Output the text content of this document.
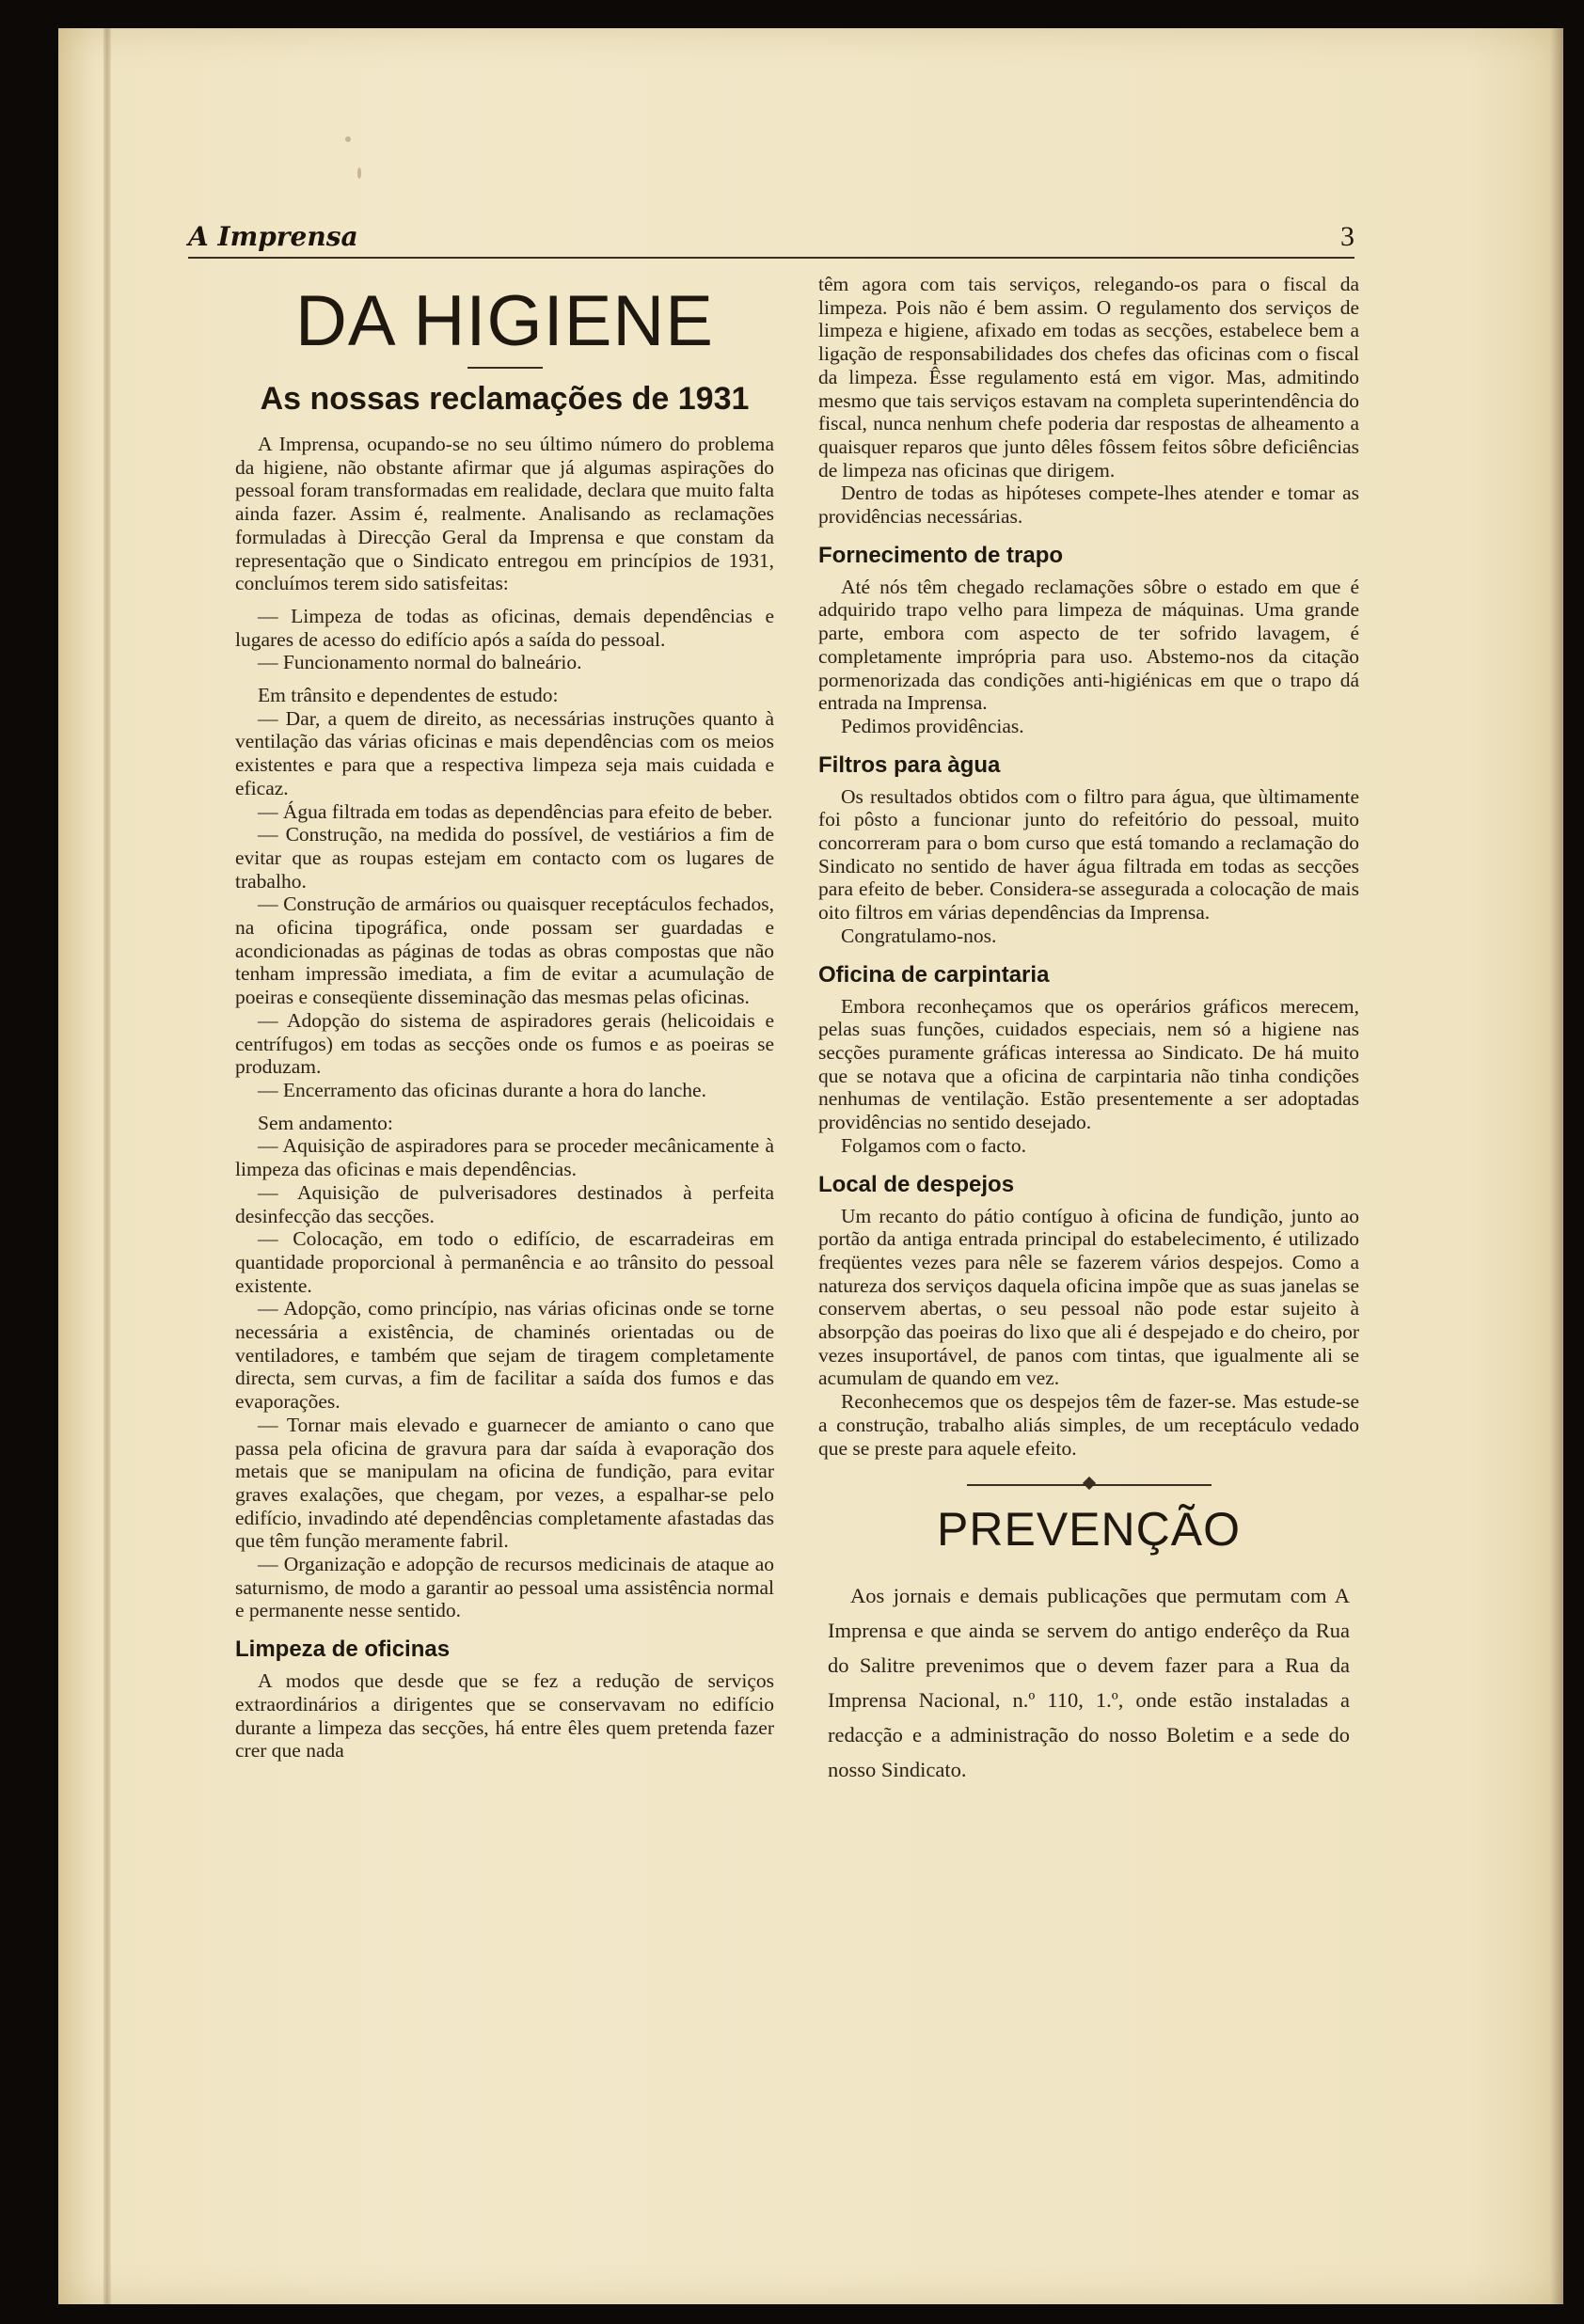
A Imprensa	3
DA HIGIENE
As nossas reclamações de 1931

A Imprensa, ocupando-se no seu último número do problema da higiene, não obstante afirmar que já algumas aspirações do pessoal foram transformadas em realidade, declara que muito falta ainda fazer. Assim é, realmente. Analisando as reclamações formuladas à Direcção Geral da Imprensa e que constam da representação que o Sindicato entregou em princípios de 1931, concluímos terem sido satisfeitas:

— Limpeza de todas as oficinas, demais dependências e lugares de acesso do edifício após a saída do pessoal.

— Funcionamento normal do balneário.

Em trânsito e dependentes de estudo:

— Dar, a quem de direito, as necessárias instruções quanto à ventilação das várias oficinas e mais dependências com os meios existentes e para que a respectiva limpeza seja mais cuidada e eficaz.

— Água filtrada em todas as dependências para efeito de beber.

— Construção, na medida do possível, de vestiários a fim de evitar que as roupas estejam em contacto com os lugares de trabalho.

— Construção de armários ou quaisquer receptáculos fechados, na oficina tipográfica, onde possam ser guardadas e acondicionadas as páginas de todas as obras compostas que não tenham impressão imediata, a fim de evitar a acumulação de poeiras e conseqüente disseminação das mesmas pelas oficinas.

— Adopção do sistema de aspiradores gerais (helicoidais e centrífugos) em todas as secções onde os fumos e as poeiras se produzam.

— Encerramento das oficinas durante a hora do lanche.

Sem andamento:

— Aquisição de aspiradores para se proceder mecânicamente à limpeza das oficinas e mais dependências.

— Aquisição de pulverisadores destinados à perfeita desinfecção das secções.

— Colocação, em todo o edifício, de escarradeiras em quantidade proporcional à permanência e ao trânsito do pessoal existente.

— Adopção, como princípio, nas várias oficinas onde se torne necessária a existência, de chaminés orientadas ou de ventiladores, e também que sejam de tiragem completamente directa, sem curvas, a fim de facilitar a saída dos fumos e das evaporações.

— Tornar mais elevado e guarnecer de amianto o cano que passa pela oficina de gravura para dar saída à evaporação dos metais que se manipulam na oficina de fundição, para evitar graves exalações, que chegam, por vezes, a espalhar-se pelo edifício, invadindo até dependências completamente afastadas das que têm função meramente fabril.

— Organização e adopção de recursos medicinais de ataque ao saturnismo, de modo a garantir ao pessoal uma assistência normal e permanente nesse sentido.

Limpeza de oficinas

A modos que desde que se fez a redução de serviços extraordinários a dirigentes que se conservavam no edifício durante a limpeza das secções, há entre êles quem pretenda fazer crer que nada

têm agora com tais serviços, relegando-os para o fiscal da limpeza. Pois não é bem assim. O regulamento dos serviços de limpeza e higiene, afixado em todas as secções, estabelece bem a ligação de responsabilidades dos chefes das oficinas com o fiscal da limpeza. Êsse regulamento está em vigor. Mas, admitindo mesmo que tais serviços estavam na completa superintendência do fiscal, nunca nenhum chefe poderia dar respostas de alheamento a quaisquer reparos que junto dêles fôssem feitos sôbre deficiências de limpeza nas oficinas que dirigem.

Dentro de todas as hipóteses compete-lhes atender e tomar as providências necessárias.

Fornecimento de trapo

Até nós têm chegado reclamações sôbre o estado em que é adquirido trapo velho para limpeza de máquinas. Uma grande parte, embora com aspecto de ter sofrido lavagem, é completamente imprópria para uso. Abstemo-nos da citação pormenorizada das condições anti-higiénicas em que o trapo dá entrada na Imprensa.

Pedimos providências.

Filtros para àgua

Os resultados obtidos com o filtro para água, que ùltimamente foi pôsto a funcionar junto do refeitório do pessoal, muito concorreram para o bom curso que está tomando a reclamação do Sindicato no sentido de haver água filtrada em todas as secções para efeito de beber. Considera-se assegurada a colocação de mais oito filtros em várias dependências da Imprensa.

Congratulamo-nos.

Oficina de carpintaria

Embora reconheçamos que os operários gráficos merecem, pelas suas funções, cuidados especiais, nem só a higiene nas secções puramente gráficas interessa ao Sindicato. De há muito que se notava que a oficina de carpintaria não tinha condições nenhumas de ventilação. Estão presentemente a ser adoptadas providências no sentido desejado.

Folgamos com o facto.

Local de despejos

Um recanto do pátio contíguo à oficina de fundição, junto ao portão da antiga entrada principal do estabelecimento, é utilizado freqüentes vezes para nêle se fazerem vários despejos. Como a natureza dos serviços daquela oficina impõe que as suas janelas se conservem abertas, o seu pessoal não pode estar sujeito à absorpção das poeiras do lixo que ali é despejado e do cheiro, por vezes insuportável, de panos com tintas, que igualmente ali se acumulam de quando em vez.

Reconhecemos que os despejos têm de fazer-se. Mas estude-se a construção, trabalho aliás simples, de um receptáculo vedado que se preste para aquele efeito.

PREVENÇÃO

Aos jornais e demais publicações que permutam com A Imprensa e que ainda se servem do antigo enderêço da Rua do Salitre prevenimos que o devem fazer para a Rua da Imprensa Nacional, n.º 110, 1.º, onde estão instaladas a redacção e a administração do nosso Boletim e a sede do nosso Sindicato.
